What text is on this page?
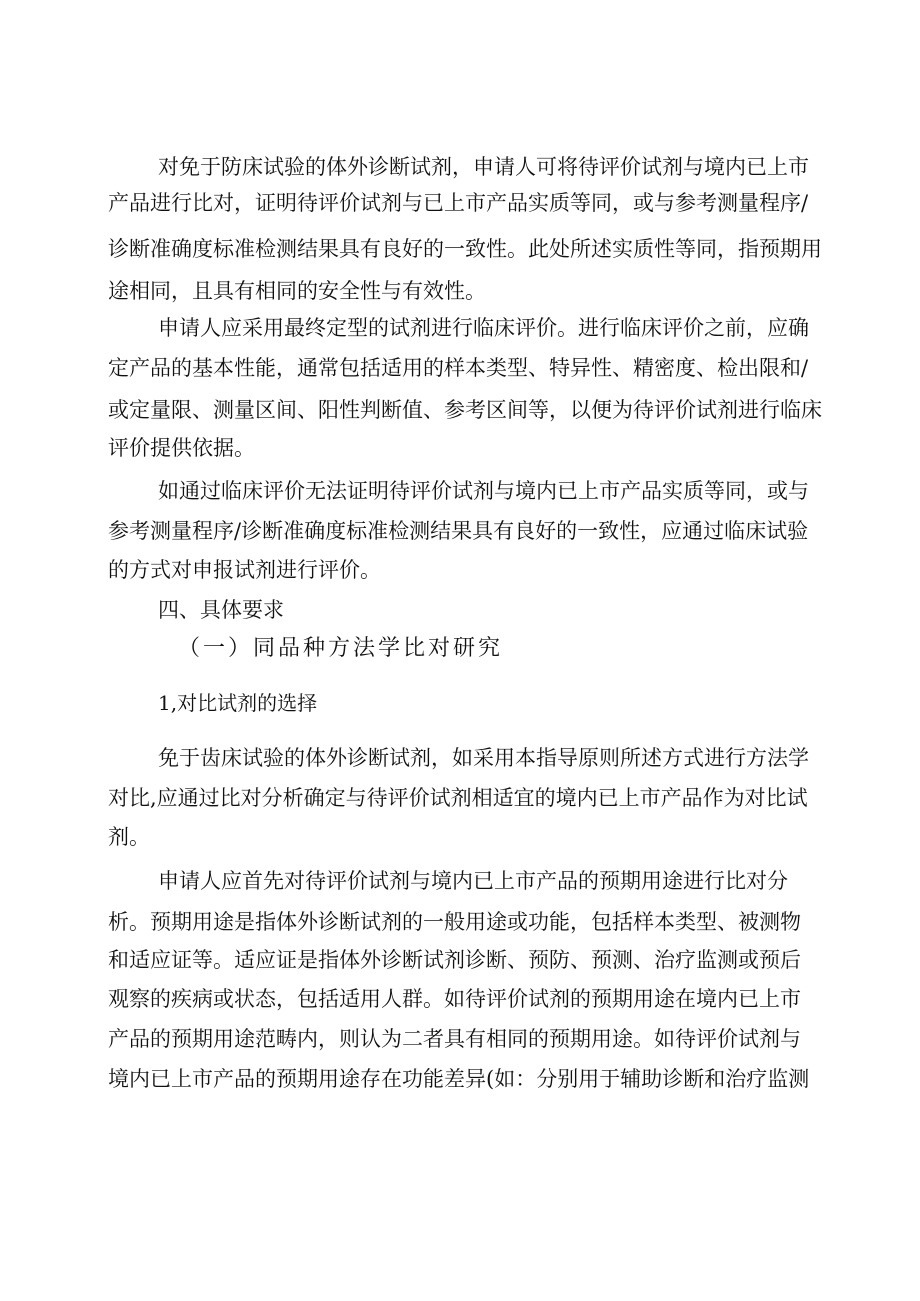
对免于防床试验的体外诊断试剂，申请人可将待评价试剂与境内已上市
产品进行比对，证明待评价试剂与已上市产品实质等同，或与参考测量程序/
诊断准确度标准检测结果具有良好的一致性。此处所述实质性等同，指预期用
途相同，且具有相同的安全性与有效性。
申请人应采用最终定型的试剂进行临床评价。进行临床评价之前，应确
定产品的基本性能，通常包括适用的样本类型、特异性、精密度、检出限和/
或定量限、测量区间、阳性判断值、参考区间等，以便为待评价试剂进行临床
评价提供依据。
如通过临床评价无法证明待评价试剂与境内已上市产品实质等同，或与
参考测量程序/诊断准确度标准检测结果具有良好的一致性，应通过临床试验
的方式对申报试剂进行评价。
四、具体要求
（一）同品种方法学比对研究
1,对比试剂的选择
免于齿床试验的体外诊断试剂，如采用本指导原则所述方式进行方法学
对比,应通过比对分析确定与待评价试剂相适宜的境内已上市产品作为对比试
剂。
申请人应首先对待评价试剂与境内已上市产品的预期用途进行比对分
析。预期用途是指体外诊断试剂的一般用途或功能，包括样本类型、被测物
和适应证等。适应证是指体外诊断试剂诊断、预防、预测、治疗监测或预后
观察的疾病或状态，包括适用人群。如待评价试剂的预期用途在境内已上市
产品的预期用途范畴内，则认为二者具有相同的预期用途。如待评价试剂与
境内已上市产品的预期用途存在功能差异(如：分别用于辅助诊断和治疗监测
